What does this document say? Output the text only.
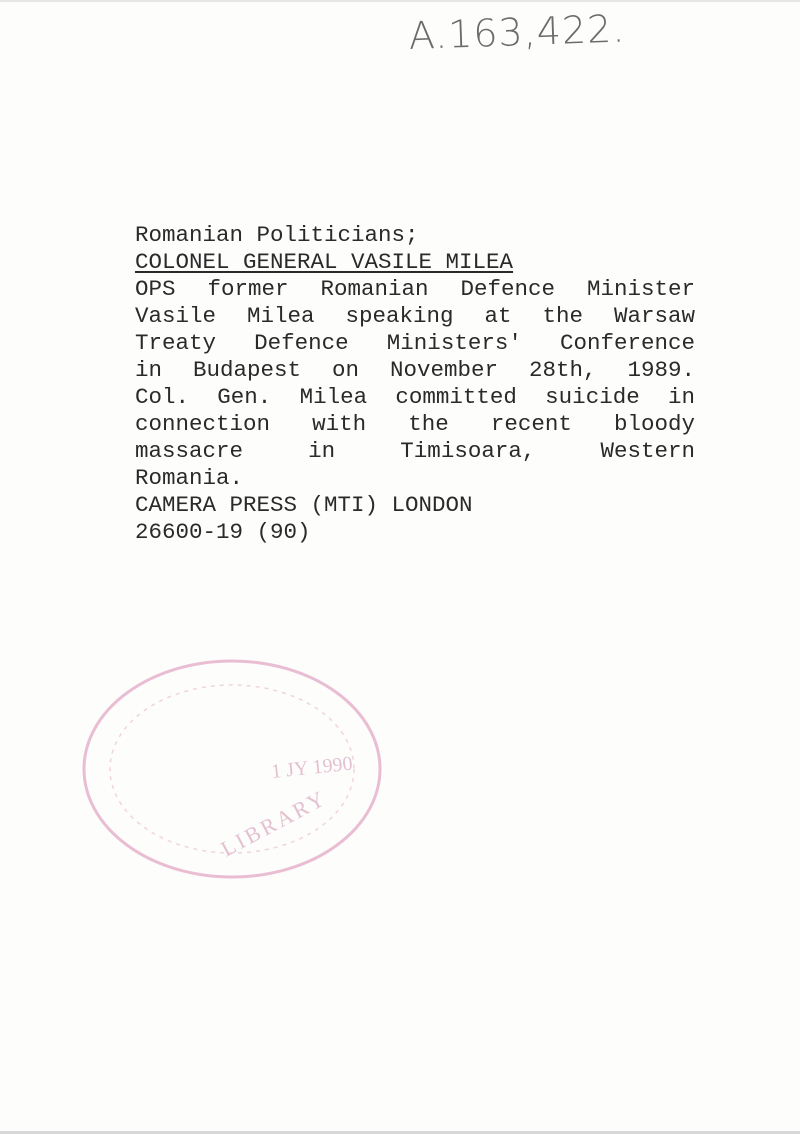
A.163,422.
Romanian Politicians;
COLONEL GENERAL VASILE MILEA
OPS former Romanian Defence Minister
Vasile Milea speaking at the Warsaw
Treaty Defence Ministers' Conference
in Budapest on November 28th, 1989.
Col. Gen. Milea committed suicide in
connection with the recent bloody
massacre in Timisoara, Western
Romania.
CAMERA PRESS (MTI) LONDON
26600-19 (90)
1 JY 1990
LIBRARY
